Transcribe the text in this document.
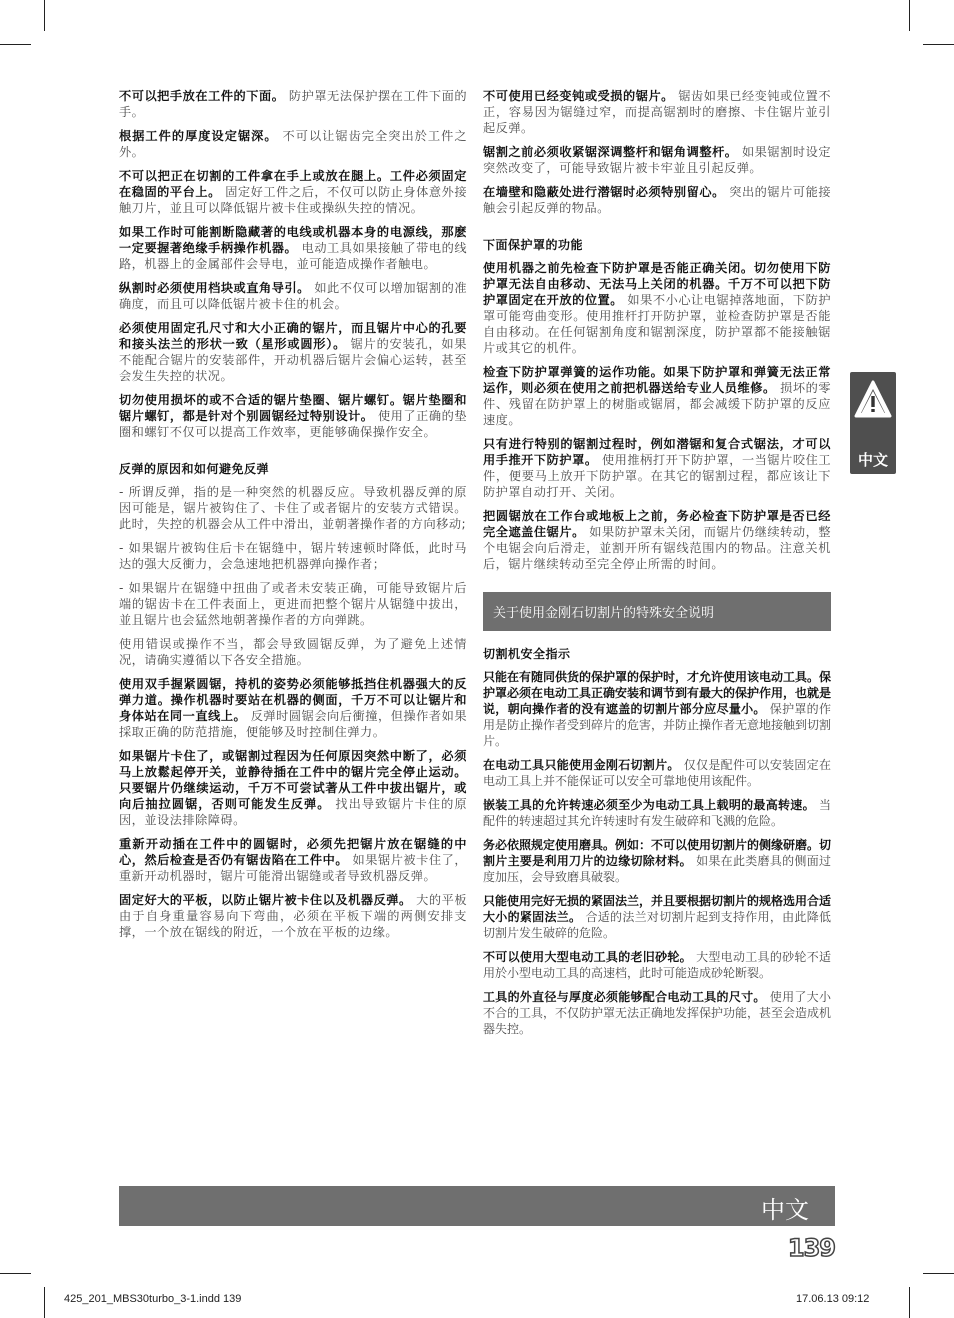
不可以把手放在工件的下面。 防护罩无法保护摆在工件下面的手。

根据工件的厚度设定锯深。 不可以让锯齿完全突出於工件之外。

不可以把正在切割的工件拿在手上或放在腿上。工件必须固定在稳固的平台上。 固定好工件之后，不仅可以防止身体意外接触刀片，並且可以降低锯片被卡住或操纵失控的情况。

如果工作时可能割断隐藏著的电线或机器本身的电源线，那麽一定要握著绝缘手柄操作机器。 电动工具如果接触了带电的线路，机器上的金属部件会导电，並可能造成操作者触电。

纵割时必须使用档块或直角导引。 如此不仅可以增加锯割的准确度，而且可以降低锯片被卡住的机会。

必须使用固定孔尺寸和大小正确的锯片，而且锯片中心的孔要和接头法兰的形状一致（星形或圆形）。 锯片的安装孔，如果不能配合锯片的安装部件，开动机器后锯片会偏心运转，甚至会发生失控的状况。

切勿使用损坏的或不合适的锯片垫圈、锯片螺钉。锯片垫圈和锯片螺钉，都是针对个别圆锯经过特别设计。 使用了正确的垫圈和螺钉不仅可以提高工作效率，更能够确保操作安全。

反弹的原因和如何避免反弹

- 所谓反弹，指的是一种突然的机器反应。导致机器反弹的原因可能是，锯片被钩住了、卡住了或者锯片的安装方式错误。此时，失控的机器会从工件中滑出，並朝著操作者的方向移动;

- 如果锯片被钩住后卡在锯缝中，锯片转速顿时降低，此时马达的强大反衝力，会急速地把机器弹向操作者；

- 如果锯片在锯缝中扭曲了或者未安装正确，可能导致锯片后端的锯齿卡在工件表面上，更进而把整个锯片从锯缝中拔出，並且锯片也会猛然地朝著操作者的方向弹跳。

使用错误或操作不当，都会导致圆锯反弹，为了避免上述情况，请确实遵循以下各安全措施。

使用双手握紧圆锯，持机的姿势必须能够抵挡住机器强大的反弹力道。操作机器时要站在机器的侧面，千万不可以让锯片和身体站在同一直线上。 反弹时圆锯会向后衝撞，但操作者如果採取正确的防范措施，便能够及时控制住弹力。

如果锯片卡住了，或锯割过程因为任何原因突然中断了，必须马上放鬆起停开关，並静待插在工件中的锯片完全停止运动。只要锯片仍继续运动，千万不可尝试著从工件中拔出锯片，或向后抽拉圆锯，否则可能发生反弹。 找出导致锯片卡住的原因，並设法排除障碍。

重新开动插在工件中的圆锯时，必须先把锯片放在锯缝的中心，然后检查是否仍有锯齿陷在工件中。 如果锯片被卡住了，重新开动机器时，锯片可能滑出锯缝或者导致机器反弹。

固定好大的平板，以防止锯片被卡住以及机器反弹。 大的平板由于自身重量容易向下弯曲，必须在平板下端的两侧安排支撑，一个放在锯线的附近，一个放在平板的边缘。

不可使用已经变钝或受损的锯片。 锯齿如果已经变钝或位置不正，容易因为锯缝过窄，而提高锯割时的磨擦、卡住锯片並引起反弹。

锯割之前必须收紧锯深调整杆和锯角调整杆。 如果锯割时设定突然改变了，可能导致锯片被卡牢並且引起反弹。

在墙壁和隐蔽处进行潜锯时必须特别留心。 突出的锯片可能接触会引起反弹的物品。

下面保护罩的功能

使用机器之前先检查下防护罩是否能正确关闭。切勿使用下防护罩无法自由移动、无法马上关闭的机器。千万不可以把下防护罩固定在开放的位置。 如果不小心让电锯掉落地面，下防护罩可能弯曲变形。使用推杆打开防护罩，並检查防护罩是否能自由移动。在任何锯割角度和锯割深度，防护罩都不能接触锯片或其它的机件。

检查下防护罩弹簧的运作功能。如果下防护罩和弹簧无法正常运作，则必须在使用之前把机器送给专业人员维修。 损坏的零件、残留在防护罩上的树脂或锯屑，都会减缓下防护罩的反应速度。

只有进行特别的锯割过程时，例如潜锯和复合式锯法，才可以用手推开下防护罩。 使用推柄打开下防护罩，一当锯片咬住工件，便要马上放开下防护罩。在其它的锯割过程，都应该让下防护罩自动打开、关闭。

把圆锯放在工作台或地板上之前，务必检查下防护罩是否已经完全遮盖住锯片。 如果防护罩未关闭，而锯片仍继续转动，整个电锯会向后滑走，並割开所有锯线范围内的物品。注意关机后，锯片继续转动至完全停止所需的时间。

关于使用金刚石切割片的特殊安全说明
切割机安全指示

只能在有随同供货的保护罩的保护时，才允许使用该电动工具。保护罩必须在电动工具正确安装和调节到有最大的保护作用，也就是说，朝向操作者的没有遮盖的切割片部分应尽量小。 保护罩的作用是防止操作者受到碎片的危害，并防止操作者无意地接触到切割片。

在电动工具只能使用金刚石切割片。 仅仅是配件可以安装固定在电动工具上并不能保证可以安全可靠地使用该配件。

嵌装工具的允许转速必须至少为电动工具上载明的最高转速。 当配件的转速超过其允许转速时有发生破碎和飞溅的危险。

务必依照规定使用磨具。例如：不可以使用切割片的侧缘研磨。切割片主要是利用刀片的边缘切除材料。 如果在此类磨具的侧面过度加压，会导致磨具破裂。

只能使用完好无损的紧固法兰，并且要根据切割片的规格选用合适大小的紧固法兰。 合适的法兰对切割片起到支持作用，由此降低切割片发生破碎的危险。

不可以使用大型电动工具的老旧砂轮。 大型电动工具的砂轮不适用於小型电动工具的高速档，此时可能造成砂轮断裂。

工具的外直径与厚度必须能够配合电动工具的尺寸。 使用了大小不合的工具，不仅防护罩无法正确地发挥保护功能，甚至会造成机器失控。

中文
中文
139
425_201_MBS30turbo_3-1.indd 139	17.06.13 09:12
